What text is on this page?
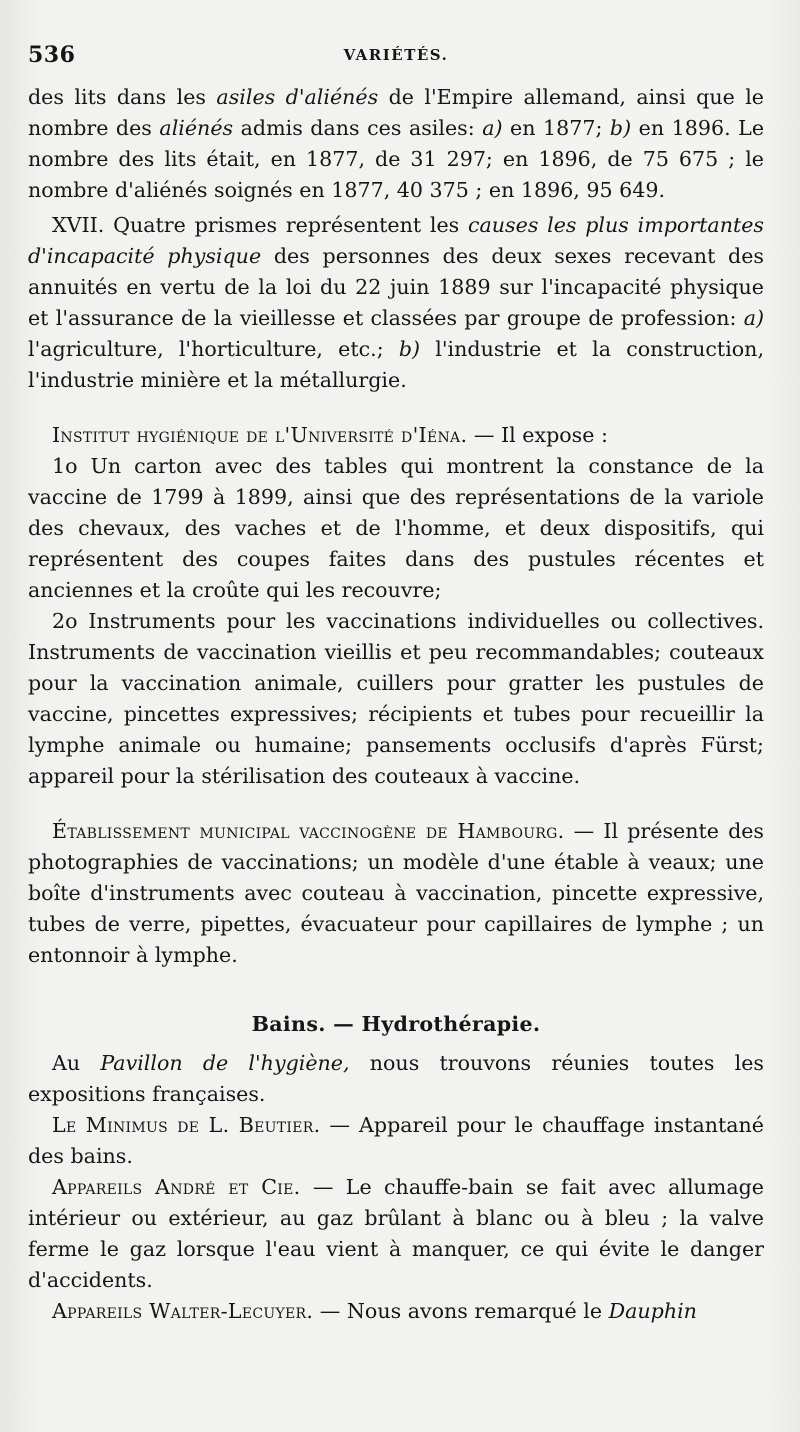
536	VARIÉTÉS.

des lits dans les asiles d'aliénés de l'Empire allemand, ainsi que le nombre des aliénés admis dans ces asiles: a) en 1877; b) en 1896. Le nombre des lits était, en 1877, de 31 297; en 1896, de 75 675 ; le nombre d'aliénés soignés en 1877, 40 375 ; en 1896, 95 649.

XVII. Quatre prismes représentent les causes les plus importantes d'incapacité physique des personnes des deux sexes recevant des annuités en vertu de la loi du 22 juin 1889 sur l'incapacité physique et l'assurance de la vieillesse et classées par groupe de profession: a) l'agriculture, l'horticulture, etc.; b) l'industrie et la construction, l'industrie minière et la métallurgie.

Institut hygiénique de l'Université d'Iéna. — Il expose :

1o Un carton avec des tables qui montrent la constance de la vaccine de 1799 à 1899, ainsi que des représentations de la variole des chevaux, des vaches et de l'homme, et deux dispositifs, qui représentent des coupes faites dans des pustules récentes et anciennes et la croûte qui les recouvre;

2o Instruments pour les vaccinations individuelles ou collectives. Instruments de vaccination vieillis et peu recommandables; couteaux pour la vaccination animale, cuillers pour gratter les pustules de vaccine, pincettes expressives; récipients et tubes pour recueillir la lymphe animale ou humaine; pansements occlusifs d'après Fürst; appareil pour la stérilisation des couteaux à vaccine.

Établissement municipal vaccinogène de Hambourg. — Il présente des photographies de vaccinations; un modèle d'une étable à veaux; une boîte d'instruments avec couteau à vaccination, pincette expressive, tubes de verre, pipettes, évacuateur pour capillaires de lymphe ; un entonnoir à lymphe.

Bains. — Hydrothérapie.

Au Pavillon de l'hygiène, nous trouvons réunies toutes les expositions françaises.

Le Minimus de L. Beutier. — Appareil pour le chauffage instantané des bains.

Appareils André et Cie. — Le chauffe-bain se fait avec allumage intérieur ou extérieur, au gaz brûlant à blanc ou à bleu ; la valve ferme le gaz lorsque l'eau vient à manquer, ce qui évite le danger d'accidents.

Appareils Walter-Lecuyer. — Nous avons remarqué le Dauphin
